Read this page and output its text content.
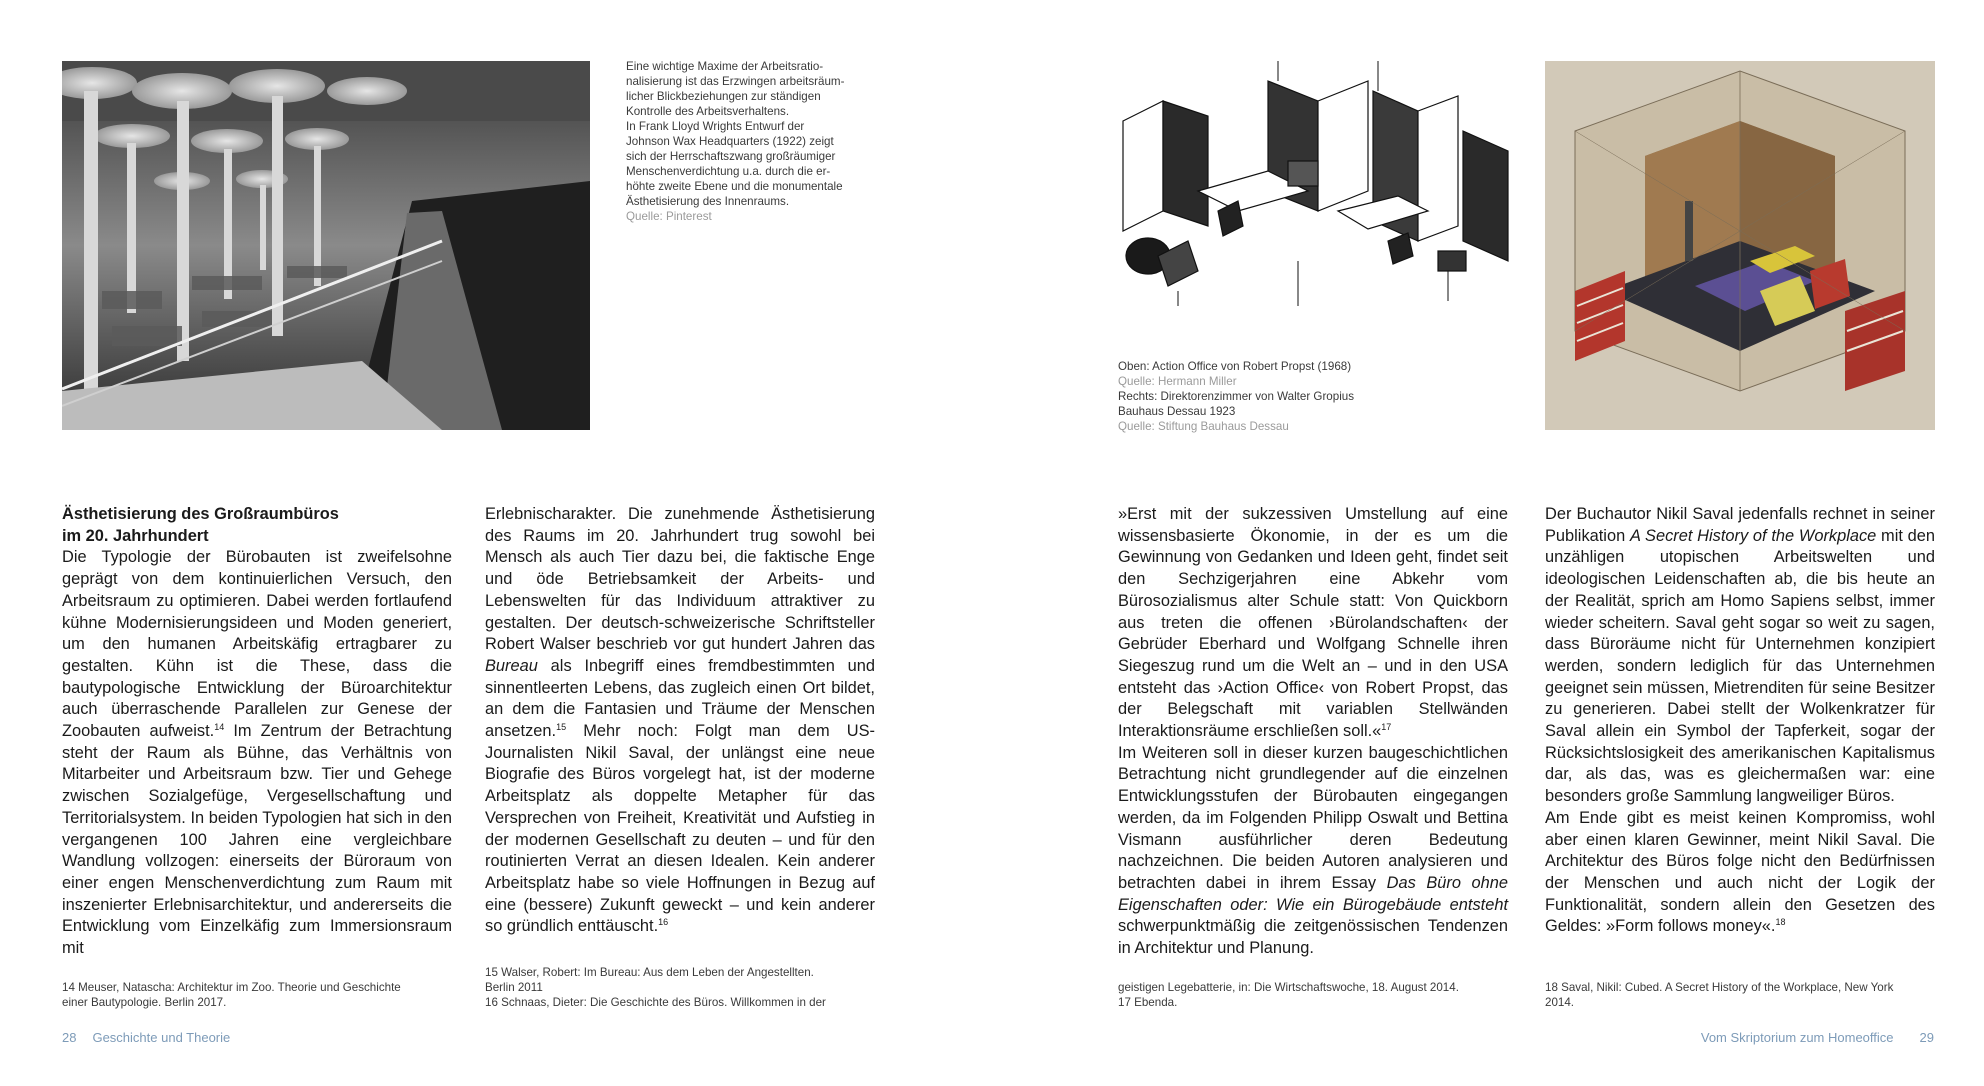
Eine wichtige Maxime der Arbeitsratio-
nalisierung ist das Erzwingen arbeitsräum-
licher Blickbeziehungen zur ständigen
Kontrolle des Arbeitsverhaltens.
In Frank Lloyd Wrights Entwurf der
Johnson Wax Headquarters (1922) zeigt
sich der Herrschaftszwang großräumiger
Menschenverdichtung u.a. durch die er-
höhte zweite Ebene und die monumentale
Ästhetisierung des Innenraums.
Quelle: Pinterest
Oben: Action Office von Robert Propst (1968)
Quelle: Hermann Miller
Rechts: Direktorenzimmer von Walter Gropius
Bauhaus Dessau 1923
Quelle: Stiftung Bauhaus Dessau
Ästhetisierung des Großraumbüros
im 20. Jahrhundert

Die Typologie der Bürobauten ist zweifelsohne geprägt von dem kontinuierlichen Versuch, den Arbeitsraum zu optimieren. Dabei werden fortlaufend kühne Modernisierungsideen und Moden generiert, um den humanen Arbeitskäfig ertragbarer zu gestalten. Kühn ist die These, dass die bautypologische Entwicklung der Büroarchitektur auch überraschende Parallelen zur Genese der Zoobauten aufweist.$^{14}$ Im Zentrum der Betrachtung steht der Raum als Bühne, das Verhältnis von Mitarbeiter und Arbeitsraum bzw. Tier und Gehege zwischen Sozialgefüge, Vergesellschaftung und Territorialsystem. In beiden Typologien hat sich in den vergangenen 100 Jahren eine vergleichbare Wandlung vollzogen: einerseits der Büroraum von einer engen Menschenverdichtung zum Raum mit inszenierter Erlebnisarchitektur, und andererseits die Entwicklung vom Einzelkäfig zum Immersionsraum mit

Erlebnischarakter. Die zunehmende Ästhetisierung des Raums im 20. Jahrhundert trug sowohl bei Mensch als auch Tier dazu bei, die faktische Enge und öde Betriebsamkeit der Arbeits- und Lebenswelten für das Individuum attraktiver zu gestalten. Der deutsch-schweizerische Schriftsteller Robert Walser beschrieb vor gut hundert Jahren das Bureau als Inbegriff eines fremdbestimmten und sinnentleerten Lebens, das zugleich einen Ort bildet, an dem die Fantasien und Träume der Menschen ansetzen.$^{15}$ Mehr noch: Folgt man dem US-Journalisten Nikil Saval, der unlängst eine neue Biografie des Büros vorgelegt hat, ist der moderne Arbeitsplatz als doppelte Metapher für das Versprechen von Freiheit, Kreativität und Aufstieg in der modernen Gesellschaft zu deuten – und für den routinierten Verrat an diesen Idealen. Kein anderer Arbeitsplatz habe so viele Hoffnungen in Bezug auf eine (bessere) Zukunft geweckt – und kein anderer so gründlich enttäuscht.$^{16}$

»Erst mit der sukzessiven Umstellung auf eine wissensbasierte Ökonomie, in der es um die Gewinnung von Gedanken und Ideen geht, findet seit den Sechzigerjahren eine Abkehr vom Bürosozialismus alter Schule statt: Von Quickborn aus treten die offenen ›Bürolandschaften‹ der Gebrüder Eberhard und Wolfgang Schnelle ihren Siegeszug rund um die Welt an – und in den USA entsteht das ›Action Office‹ von Robert Propst, das der Belegschaft mit variablen Stellwänden Interaktionsräume erschließen soll.«$^{17}$

Im Weiteren soll in dieser kurzen baugeschichtlichen Betrachtung nicht grundlegender auf die einzelnen Entwicklungsstufen der Bürobauten eingegangen werden, da im Folgenden Philipp Oswalt und Bettina Vismann ausführlicher deren Bedeutung nachzeichnen. Die beiden Autoren analysieren und betrachten dabei in ihrem Essay Das Büro ohne Eigenschaften oder: Wie ein Bürogebäude entsteht schwerpunktmäßig die zeitgenössischen Tendenzen in Architektur und Planung.

Der Buchautor Nikil Saval jedenfalls rechnet in seiner Publikation A Secret History of the Workplace mit den unzähligen utopischen Arbeitswelten und ideologischen Leidenschaften ab, die bis heute an der Realität, sprich am Homo Sapiens selbst, immer wieder scheitern. Saval geht sogar so weit zu sagen, dass Büroräume nicht für Unternehmen konzipiert werden, sondern lediglich für das Unternehmen geeignet sein müssen, Mietrenditen für seine Besitzer zu generieren. Dabei stellt der Wolkenkratzer für Saval allein ein Symbol der Tapferkeit, sogar der Rücksichtslosigkeit des amerikanischen Kapitalismus dar, als das, was es gleichermaßen war: eine besonders große Sammlung langweiliger Büros.

Am Ende gibt es meist keinen Kompromiss, wohl aber einen klaren Gewinner, meint Nikil Saval. Die Architektur des Büros folge nicht den Bedürfnissen der Menschen und auch nicht der Logik der Funktionalität, sondern allein den Gesetzen des Geldes: »Form follows money«.$^{18}$

14 Meuser, Natascha: Architektur im Zoo. Theorie und Geschichte
einer Bautypologie. Berlin 2017.
15 Walser, Robert: Im Bureau: Aus dem Leben der Angestellten.
Berlin 2011
16 Schnaas, Dieter: Die Geschichte des Büros. Willkommen in der
geistigen Legebatterie, in: Die Wirtschaftswoche, 18. August 2014.
17 Ebenda.
18 Saval, Nikil: Cubed. A Secret History of the Workplace, New York
2014.
28 Geschichte und Theorie	Vom Skriptorium zum Homeoffice 29
